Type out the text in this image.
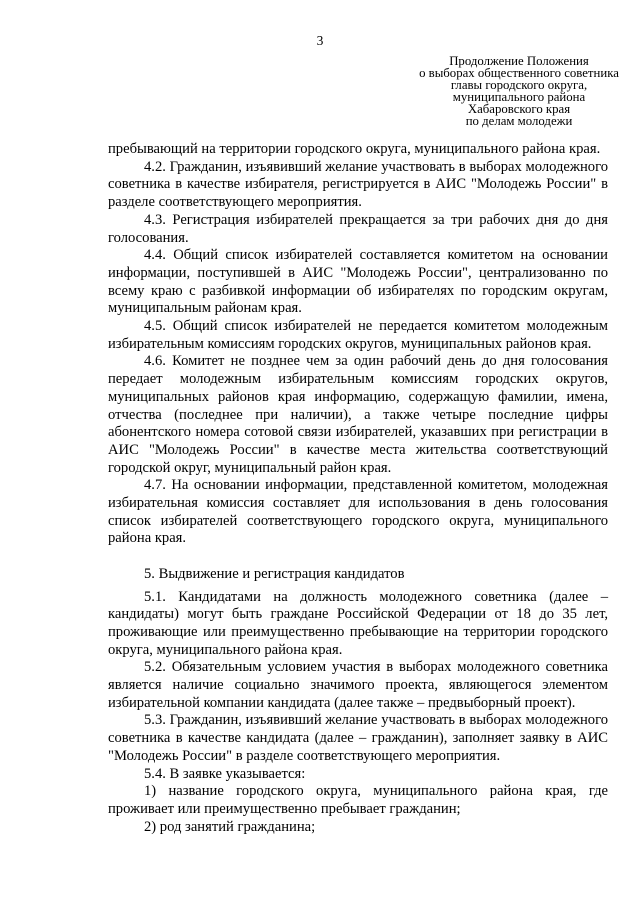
3
Продолжение Положения
о выборах общественного советника
главы городского округа,
муниципального района
Хабаровского края
по делам молодежи

пребывающий на территории городского округа, муниципального района края.

4.2. Гражданин, изъявивший желание участвовать в выборах молодежного советника в качестве избирателя, регистрируется в АИС "Молодежь России" в разделе соответствующего мероприятия.

4.3. Регистрация избирателей прекращается за три рабочих дня до дня голосования.

4.4. Общий список избирателей составляется комитетом на основании информации, поступившей в АИС "Молодежь России", централизованно по всему краю с разбивкой информации об избирателях по городским округам, муниципальным районам края.

4.5. Общий список избирателей не передается комитетом молодежным избирательным комиссиям городских округов, муниципальных районов края.

4.6. Комитет не позднее чем за один рабочий день до дня голосования передает молодежным избирательным комиссиям городских округов, муниципальных районов края информацию, содержащую фамилии, имена, отчества (последнее при наличии), а также четыре последние цифры абонентского номера сотовой связи избирателей, указавших при регистрации в АИС "Молодежь России" в качестве места жительства соответствующий городской округ, муниципальный район края.

4.7. На основании информации, представленной комитетом, молодежная избирательная комиссия составляет для использования в день голосования список избирателей соответствующего городского округа, муниципального района края.

5. Выдвижение и регистрация кандидатов

5.1. Кандидатами на должность молодежного советника (далее – кандидаты) могут быть граждане Российской Федерации от 18 до 35 лет, проживающие или преимущественно пребывающие на территории городского округа, муниципального района края.

5.2. Обязательным условием участия в выборах молодежного советника является наличие социально значимого проекта, являющегося элементом избирательной компании кандидата (далее также – предвыборный проект).

5.3. Гражданин, изъявивший желание участвовать в выборах молодежного советника в качестве кандидата (далее – гражданин), заполняет заявку в АИС "Молодежь России" в разделе соответствующего мероприятия.

5.4. В заявке указывается:

1) название городского округа, муниципального района края, где проживает или преимущественно пребывает гражданин;

2) род занятий гражданина;
